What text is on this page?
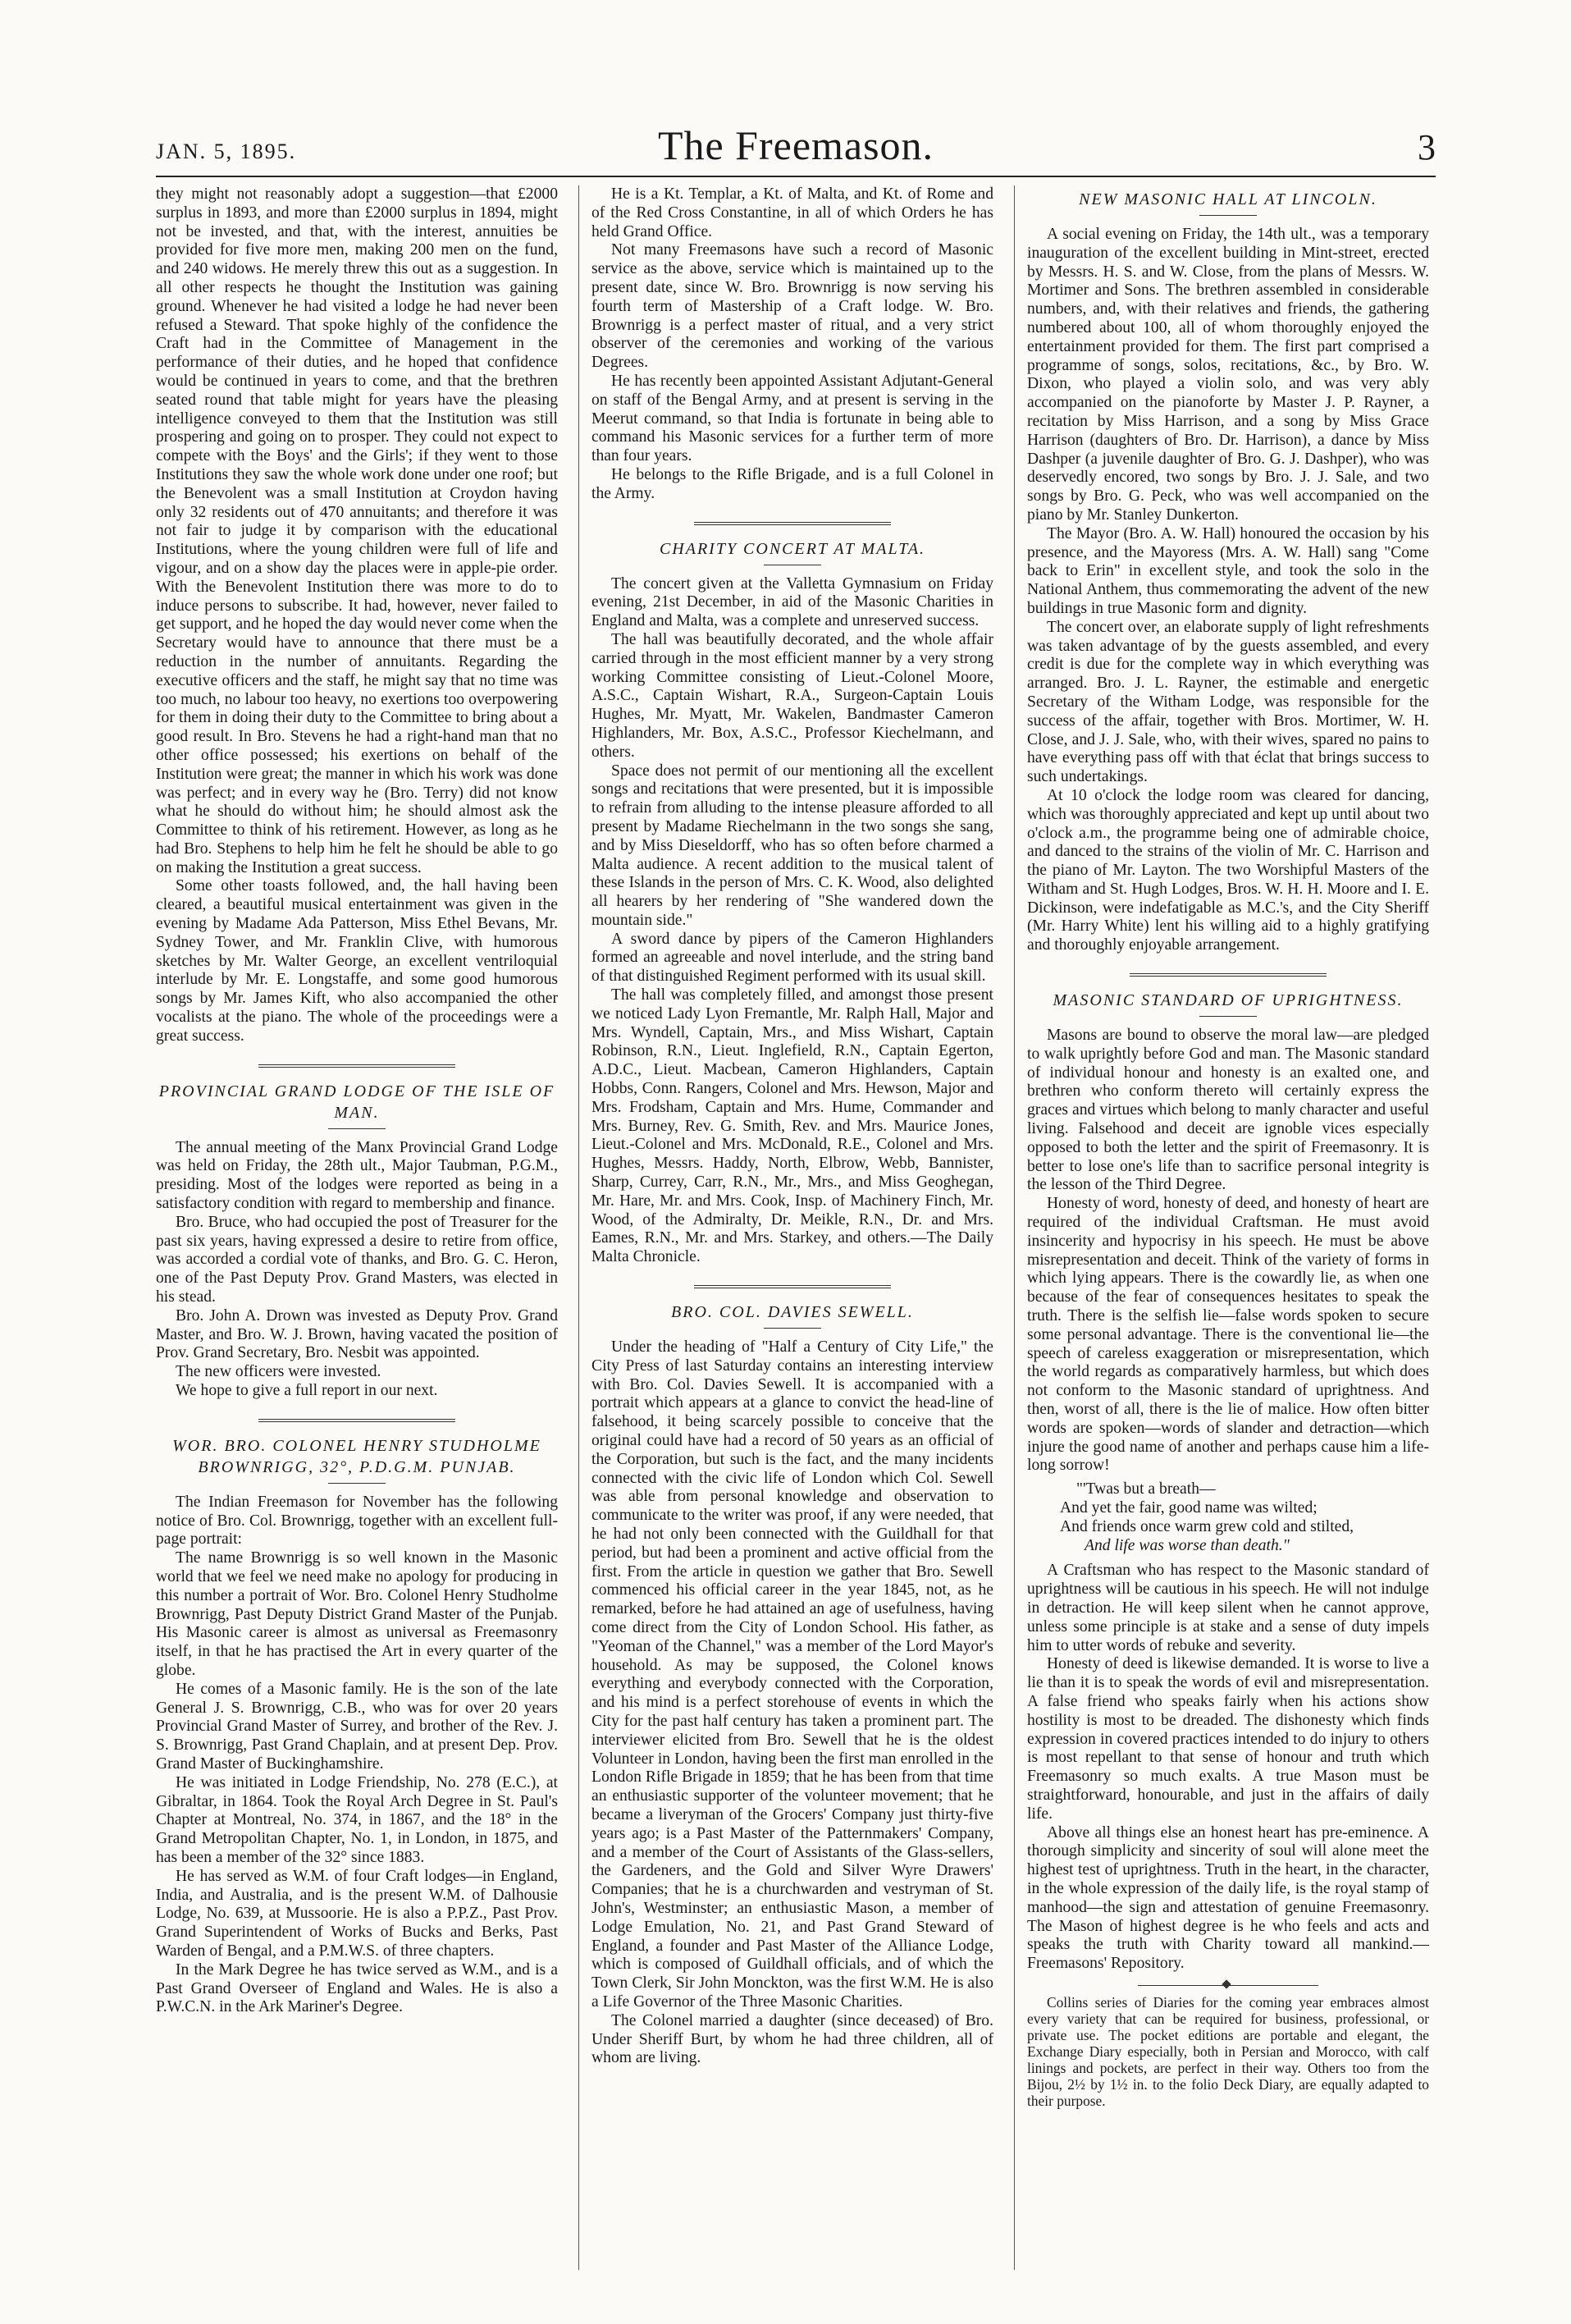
JAN. 5, 1895.	The Freemason.	3

they might not reasonably adopt a suggestion—that £2000 surplus in 1893, and more than £2000 surplus in 1894, might not be invested, and that, with the interest, annuities be provided for five more men, making 200 men on the fund, and 240 widows. He merely threw this out as a suggestion. In all other respects he thought the Institution was gaining ground. Whenever he had visited a lodge he had never been refused a Steward. That spoke highly of the confidence the Craft had in the Committee of Management in the performance of their duties, and he hoped that confidence would be continued in years to come, and that the brethren seated round that table might for years have the pleasing intelligence conveyed to them that the Institution was still prospering and going on to prosper. They could not expect to compete with the Boys' and the Girls'; if they went to those Institutions they saw the whole work done under one roof; but the Benevolent was a small Institution at Croydon having only 32 residents out of 470 annuitants; and therefore it was not fair to judge it by comparison with the educational Institutions, where the young children were full of life and vigour, and on a show day the places were in apple-pie order. With the Benevolent Institution there was more to do to induce persons to subscribe. It had, however, never failed to get support, and he hoped the day would never come when the Secretary would have to announce that there must be a reduction in the number of annuitants. Regarding the executive officers and the staff, he might say that no time was too much, no labour too heavy, no exertions too overpowering for them in doing their duty to the Committee to bring about a good result. In Bro. Stevens he had a right-hand man that no other office possessed; his exertions on behalf of the Institution were great; the manner in which his work was done was perfect; and in every way he (Bro. Terry) did not know what he should do without him; he should almost ask the Committee to think of his retirement. However, as long as he had Bro. Stephens to help him he felt he should be able to go on making the Institution a great success.

Some other toasts followed, and, the hall having been cleared, a beautiful musical entertainment was given in the evening by Madame Ada Patterson, Miss Ethel Bevans, Mr. Sydney Tower, and Mr. Franklin Clive, with humorous sketches by Mr. Walter George, an excellent ventriloquial interlude by Mr. E. Longstaffe, and some good humorous songs by Mr. James Kift, who also accompanied the other vocalists at the piano. The whole of the proceedings were a great success.

PROVINCIAL GRAND LODGE OF THE ISLE OF MAN.

The annual meeting of the Manx Provincial Grand Lodge was held on Friday, the 28th ult., Major Taubman, P.G.M., presiding. Most of the lodges were reported as being in a satisfactory condition with regard to membership and finance.

Bro. Bruce, who had occupied the post of Treasurer for the past six years, having expressed a desire to retire from office, was accorded a cordial vote of thanks, and Bro. G. C. Heron, one of the Past Deputy Prov. Grand Masters, was elected in his stead.

Bro. John A. Drown was invested as Deputy Prov. Grand Master, and Bro. W. J. Brown, having vacated the position of Prov. Grand Secretary, Bro. Nesbit was appointed.

The new officers were invested.

We hope to give a full report in our next.

WOR. BRO. COLONEL HENRY STUDHOLME BROWNRIGG, 32°, P.D.G.M. PUNJAB.

The Indian Freemason for November has the following notice of Bro. Col. Brownrigg, together with an excellent full-page portrait:

The name Brownrigg is so well known in the Masonic world that we feel we need make no apology for producing in this number a portrait of Wor. Bro. Colonel Henry Studholme Brownrigg, Past Deputy District Grand Master of the Punjab. His Masonic career is almost as universal as Freemasonry itself, in that he has practised the Art in every quarter of the globe.

He comes of a Masonic family. He is the son of the late General J. S. Brownrigg, C.B., who was for over 20 years Provincial Grand Master of Surrey, and brother of the Rev. J. S. Brownrigg, Past Grand Chaplain, and at present Dep. Prov. Grand Master of Buckinghamshire.

He was initiated in Lodge Friendship, No. 278 (E.C.), at Gibraltar, in 1864. Took the Royal Arch Degree in St. Paul's Chapter at Montreal, No. 374, in 1867, and the 18° in the Grand Metropolitan Chapter, No. 1, in London, in 1875, and has been a member of the 32° since 1883.

He has served as W.M. of four Craft lodges—in England, India, and Australia, and is the present W.M. of Dalhousie Lodge, No. 639, at Mussoorie. He is also a P.P.Z., Past Prov. Grand Superintendent of Works of Bucks and Berks, Past Warden of Bengal, and a P.M.W.S. of three chapters.

In the Mark Degree he has twice served as W.M., and is a Past Grand Overseer of England and Wales. He is also a P.W.C.N. in the Ark Mariner's Degree.

He is a Kt. Templar, a Kt. of Malta, and Kt. of Rome and of the Red Cross Constantine, in all of which Orders he has held Grand Office.

Not many Freemasons have such a record of Masonic service as the above, service which is maintained up to the present date, since W. Bro. Brownrigg is now serving his fourth term of Mastership of a Craft lodge. W. Bro. Brownrigg is a perfect master of ritual, and a very strict observer of the ceremonies and working of the various Degrees.

He has recently been appointed Assistant Adjutant-General on staff of the Bengal Army, and at present is serving in the Meerut command, so that India is fortunate in being able to command his Masonic services for a further term of more than four years.

He belongs to the Rifle Brigade, and is a full Colonel in the Army.

CHARITY CONCERT AT MALTA.

The concert given at the Valletta Gymnasium on Friday evening, 21st December, in aid of the Masonic Charities in England and Malta, was a complete and unreserved success.

The hall was beautifully decorated, and the whole affair carried through in the most efficient manner by a very strong working Committee consisting of Lieut.-Colonel Moore, A.S.C., Captain Wishart, R.A., Surgeon-Captain Louis Hughes, Mr. Myatt, Mr. Wakelen, Bandmaster Cameron Highlanders, Mr. Box, A.S.C., Professor Kiechelmann, and others.

Space does not permit of our mentioning all the excellent songs and recitations that were presented, but it is impossible to refrain from alluding to the intense pleasure afforded to all present by Madame Riechelmann in the two songs she sang, and by Miss Dieseldorff, who has so often before charmed a Malta audience. A recent addition to the musical talent of these Islands in the person of Mrs. C. K. Wood, also delighted all hearers by her rendering of "She wandered down the mountain side."

A sword dance by pipers of the Cameron Highlanders formed an agreeable and novel interlude, and the string band of that distinguished Regiment performed with its usual skill.

The hall was completely filled, and amongst those present we noticed Lady Lyon Fremantle, Mr. Ralph Hall, Major and Mrs. Wyndell, Captain, Mrs., and Miss Wishart, Captain Robinson, R.N., Lieut. Inglefield, R.N., Captain Egerton, A.D.C., Lieut. Macbean, Cameron Highlanders, Captain Hobbs, Conn. Rangers, Colonel and Mrs. Hewson, Major and Mrs. Frodsham, Captain and Mrs. Hume, Commander and Mrs. Burney, Rev. G. Smith, Rev. and Mrs. Maurice Jones, Lieut.-Colonel and Mrs. McDonald, R.E., Colonel and Mrs. Hughes, Messrs. Haddy, North, Elbrow, Webb, Bannister, Sharp, Currey, Carr, R.N., Mr., Mrs., and Miss Geoghegan, Mr. Hare, Mr. and Mrs. Cook, Insp. of Machinery Finch, Mr. Wood, of the Admiralty, Dr. Meikle, R.N., Dr. and Mrs. Eames, R.N., Mr. and Mrs. Starkey, and others.—The Daily Malta Chronicle.

BRO. COL. DAVIES SEWELL.

Under the heading of "Half a Century of City Life," the City Press of last Saturday contains an interesting interview with Bro. Col. Davies Sewell. It is accompanied with a portrait which appears at a glance to convict the head-line of falsehood, it being scarcely possible to conceive that the original could have had a record of 50 years as an official of the Corporation, but such is the fact, and the many incidents connected with the civic life of London which Col. Sewell was able from personal knowledge and observation to communicate to the writer was proof, if any were needed, that he had not only been connected with the Guildhall for that period, but had been a prominent and active official from the first. From the article in question we gather that Bro. Sewell commenced his official career in the year 1845, not, as he remarked, before he had attained an age of usefulness, having come direct from the City of London School. His father, as "Yeoman of the Channel," was a member of the Lord Mayor's household. As may be supposed, the Colonel knows everything and everybody connected with the Corporation, and his mind is a perfect storehouse of events in which the City for the past half century has taken a prominent part. The interviewer elicited from Bro. Sewell that he is the oldest Volunteer in London, having been the first man enrolled in the London Rifle Brigade in 1859; that he has been from that time an enthusiastic supporter of the volunteer movement; that he became a liveryman of the Grocers' Company just thirty-five years ago; is a Past Master of the Patternmakers' Company, and a member of the Court of Assistants of the Glass-sellers, the Gardeners, and the Gold and Silver Wyre Drawers' Companies; that he is a churchwarden and vestryman of St. John's, Westminster; an enthusiastic Mason, a member of Lodge Emulation, No. 21, and Past Grand Steward of England, a founder and Past Master of the Alliance Lodge, which is composed of Guildhall officials, and of which the Town Clerk, Sir John Monckton, was the first W.M. He is also a Life Governor of the Three Masonic Charities.

The Colonel married a daughter (since deceased) of Bro. Under Sheriff Burt, by whom he had three children, all of whom are living.

NEW MASONIC HALL AT LINCOLN.

A social evening on Friday, the 14th ult., was a temporary inauguration of the excellent building in Mint-street, erected by Messrs. H. S. and W. Close, from the plans of Messrs. W. Mortimer and Sons. The brethren assembled in considerable numbers, and, with their relatives and friends, the gathering numbered about 100, all of whom thoroughly enjoyed the entertainment provided for them. The first part comprised a programme of songs, solos, recitations, &c., by Bro. W. Dixon, who played a violin solo, and was very ably accompanied on the pianoforte by Master J. P. Rayner, a recitation by Miss Harrison, and a song by Miss Grace Harrison (daughters of Bro. Dr. Harrison), a dance by Miss Dashper (a juvenile daughter of Bro. G. J. Dashper), who was deservedly encored, two songs by Bro. J. J. Sale, and two songs by Bro. G. Peck, who was well accompanied on the piano by Mr. Stanley Dunkerton.

The Mayor (Bro. A. W. Hall) honoured the occasion by his presence, and the Mayoress (Mrs. A. W. Hall) sang "Come back to Erin" in excellent style, and took the solo in the National Anthem, thus commemorating the advent of the new buildings in true Masonic form and dignity.

The concert over, an elaborate supply of light refreshments was taken advantage of by the guests assembled, and every credit is due for the complete way in which everything was arranged. Bro. J. L. Rayner, the estimable and energetic Secretary of the Witham Lodge, was responsible for the success of the affair, together with Bros. Mortimer, W. H. Close, and J. J. Sale, who, with their wives, spared no pains to have everything pass off with that éclat that brings success to such undertakings.

At 10 o'clock the lodge room was cleared for dancing, which was thoroughly appreciated and kept up until about two o'clock a.m., the programme being one of admirable choice, and danced to the strains of the violin of Mr. C. Harrison and the piano of Mr. Layton. The two Worshipful Masters of the Witham and St. Hugh Lodges, Bros. W. H. H. Moore and I. E. Dickinson, were indefatigable as M.C.'s, and the City Sheriff (Mr. Harry White) lent his willing aid to a highly gratifying and thoroughly enjoyable arrangement.

MASONIC STANDARD OF UPRIGHTNESS.

Masons are bound to observe the moral law—are pledged to walk uprightly before God and man. The Masonic standard of individual honour and honesty is an exalted one, and brethren who conform thereto will certainly express the graces and virtues which belong to manly character and useful living. Falsehood and deceit are ignoble vices especially opposed to both the letter and the spirit of Freemasonry. It is better to lose one's life than to sacrifice personal integrity is the lesson of the Third Degree.

Honesty of word, honesty of deed, and honesty of heart are required of the individual Craftsman. He must avoid insincerity and hypocrisy in his speech. He must be above misrepresentation and deceit. Think of the variety of forms in which lying appears. There is the cowardly lie, as when one because of the fear of consequences hesitates to speak the truth. There is the selfish lie—false words spoken to secure some personal advantage. There is the conventional lie—the speech of careless exaggeration or misrepresentation, which the world regards as comparatively harmless, but which does not conform to the Masonic standard of uprightness. And then, worst of all, there is the lie of malice. How often bitter words are spoken—words of slander and detraction—which injure the good name of another and perhaps cause him a life-long sorrow!

"'Twas but a breath—
And yet the fair, good name was wilted;
And friends once warm grew cold and stilted,
And life was worse than death."

A Craftsman who has respect to the Masonic standard of uprightness will be cautious in his speech. He will not indulge in detraction. He will keep silent when he cannot approve, unless some principle is at stake and a sense of duty impels him to utter words of rebuke and severity.

Honesty of deed is likewise demanded. It is worse to live a lie than it is to speak the words of evil and misrepresentation. A false friend who speaks fairly when his actions show hostility is most to be dreaded. The dishonesty which finds expression in covered practices intended to do injury to others is most repellant to that sense of honour and truth which Freemasonry so much exalts. A true Mason must be straightforward, honourable, and just in the affairs of daily life.

Above all things else an honest heart has pre-eminence. A thorough simplicity and sincerity of soul will alone meet the highest test of uprightness. Truth in the heart, in the character, in the whole expression of the daily life, is the royal stamp of manhood—the sign and attestation of genuine Freemasonry. The Mason of highest degree is he who feels and acts and speaks the truth with Charity toward all mankind.—Freemasons' Repository.

Collins series of Diaries for the coming year embraces almost every variety that can be required for business, professional, or private use. The pocket editions are portable and elegant, the Exchange Diary especially, both in Persian and Morocco, with calf linings and pockets, are perfect in their way. Others too from the Bijou, 2½ by 1½ in. to the folio Deck Diary, are equally adapted to their purpose.
